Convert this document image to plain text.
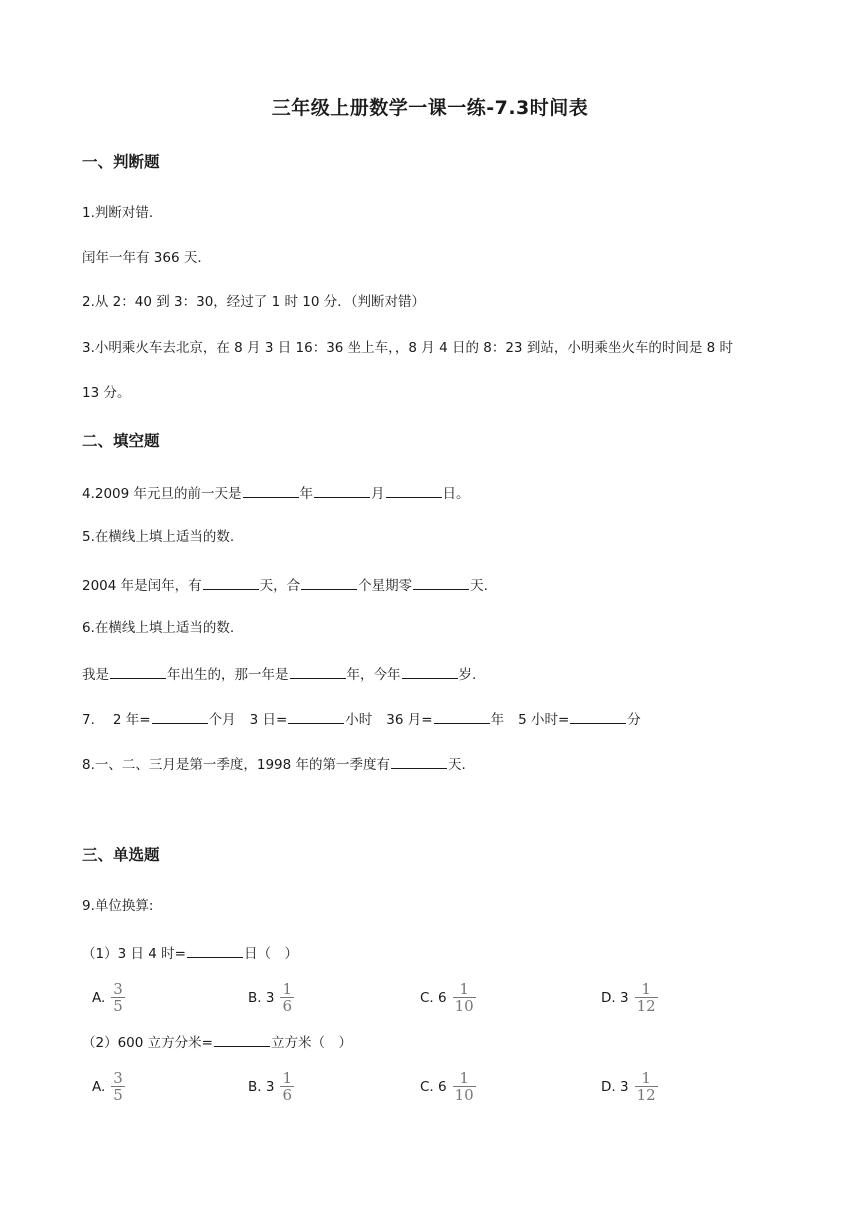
三年级上册数学一课一练-7.3时间表
一、判断题
1.判断对错.
闰年一年有 366 天.
2.从 2：40 到 3：30，经过了 1 时 10 分．（判断对错）
3.小明乘火车去北京，在 8 月 3 日 16：36 坐上车，，8 月 4 日的 8：23 到站，小明乘坐火车的时间是 8 时
13 分。
二、填空题
4.2009 年元旦的前一天是	年	月	日。
5.在横线上填上适当的数.
2004 年是闰年，有	天，合	个星期零	天.
6.在横线上填上适当的数.
我是	年出生的，那一年是	年，今年	岁.
7. 2 年=	个月 3 日=	小时 36 月=	年 5 小时=	分
8.一、二、三月是第一季度，1998 年的第一季度有	天.
三、单选题
9.单位换算:
（1）3 日 4 时=	日（　）
A. $\frac{3}{5}$	B. $3 \frac{1}{6}$	C. $6 \frac{1}{10}$	D. $3 \frac{1}{12}$
（2）600 立方分米=	立方米（　）
A. $\frac{3}{5}$	B. $3 \frac{1}{6}$	C. $6 \frac{1}{10}$	D. $3 \frac{1}{12}$
